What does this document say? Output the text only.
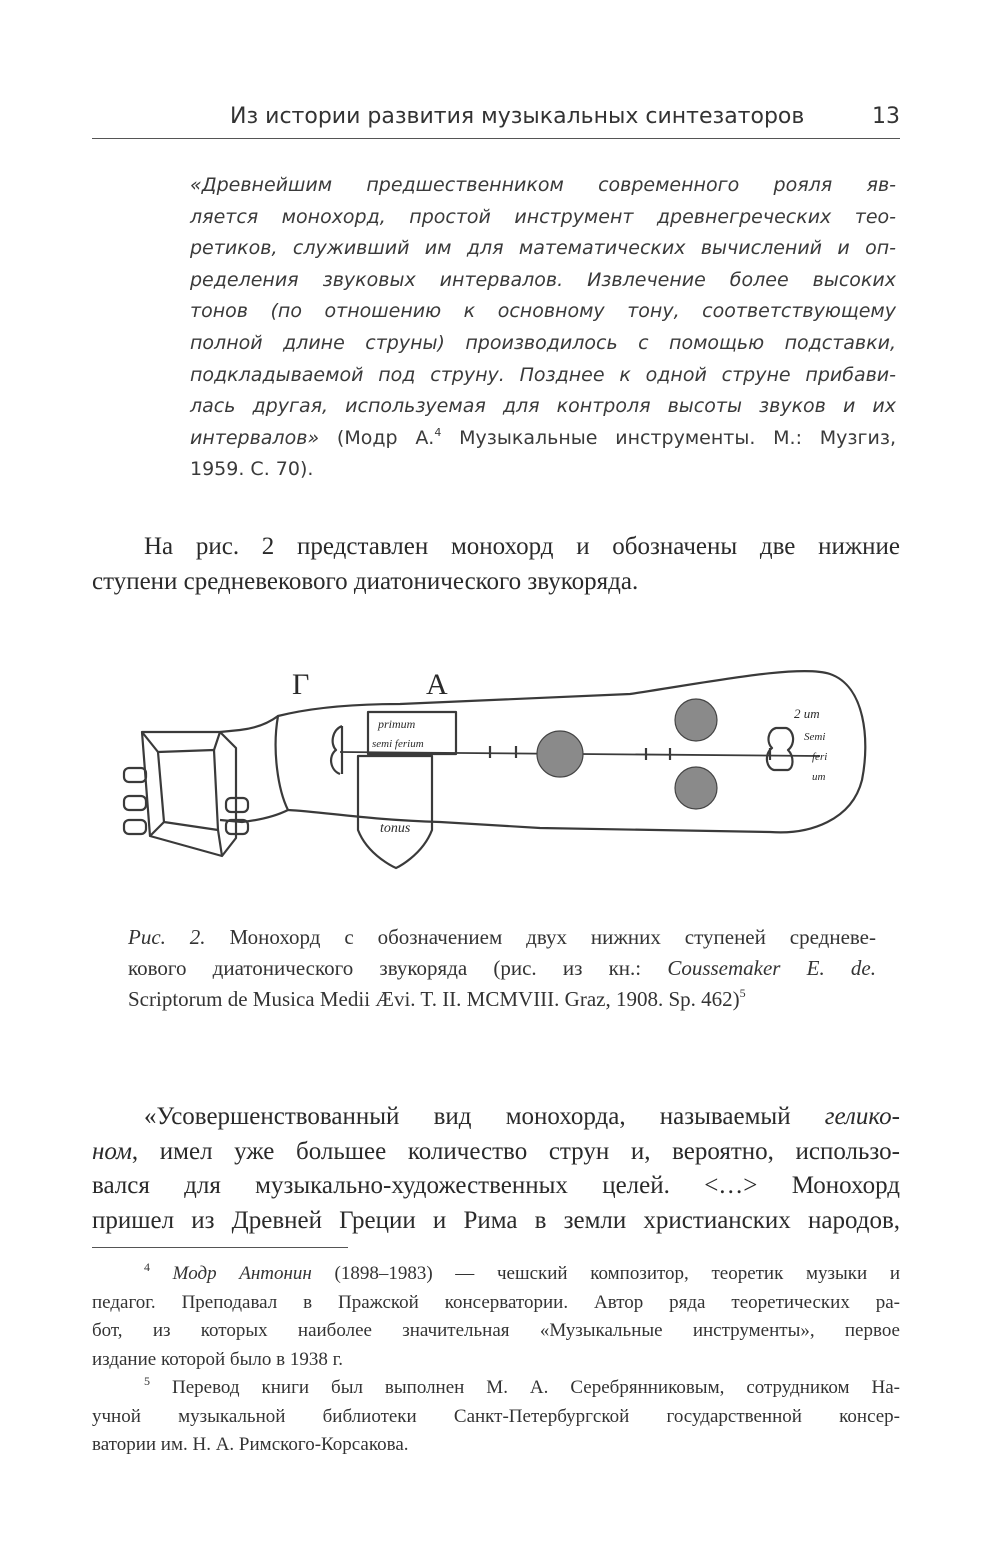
Из истории развития музыкальных синтезаторов	13
«Древнейшим предшественником современного рояля яв-
ляется монохорд, простой инструмент древнегреческих тео-
ретиков, служивший им для математических вычислений и оп-
ределения звуковых интервалов. Извлечение более высоких
тонов (по отношению к основному тону, соответствующему
полной длине струны) производилось с помощью подставки,
подкладываемой под струну. Позднее к одной струне прибави-
лась другая, используемая для контроля высоты звуков и их
интервалов» (Модр А.$^4$ Музыкальные инструменты. М.: Музгиз,
1959. С. 70).
На рис. 2 представлен монохорд и обозначены две нижние
ступени средневекового диатонического звукоряда.
Г	A
primum
semi ferium
tonus
2 um
Semi
feri
um
Рис. 2. Монохорд с обозначением двух нижних ступеней средневе-
кового диатонического звукоряда (рис. из кн.: Coussemaker E. de.
Scriptorum de Musica Medii Ævi. T. II. MCMVIII. Graz, 1908. Sp. 462)$^5$
«Усовершенствованный вид монохорда, называемый гелико-
ном, имел уже большее количество струн и, вероятно, использо-
вался для музыкально-художественных целей. <…> Монохорд
пришел из Древней Греции и Рима в земли христианских народов,
$^4$ Модр Антонин (1898–1983) — чешский композитор, теоретик музыки и
педагог. Преподавал в Пражской консерватории. Автор ряда теоретических ра-
бот, из которых наиболее значительная «Музыкальные инструменты», первое
издание которой было в 1938 г.
$^5$ Перевод книги был выполнен М. А. Серебрянниковым, сотрудником На-
учной музыкальной библиотеки Санкт-Петербургской государственной консер-
ватории им. Н. А. Римского-Корсакова.
